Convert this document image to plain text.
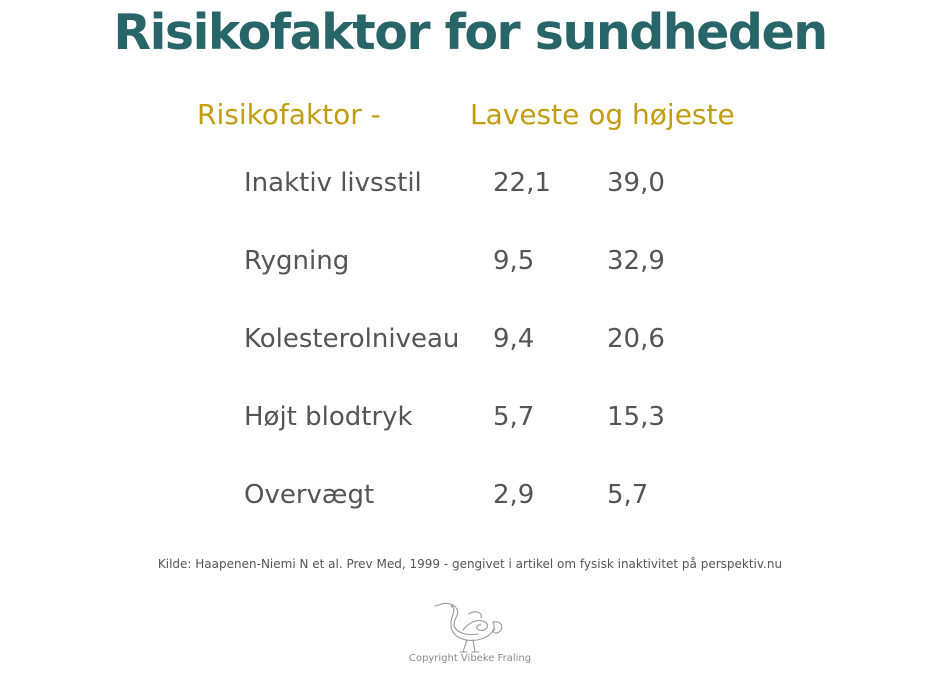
Risikofaktor for sundheden
Risikofaktor -	Laveste og højeste
Inaktiv livsstil	22,1 39,0
Rygning	9,5	32,9
Kolesterolniveau 9,4	20,6
Højt blodtryk	5,7	15,3
Overvægt	2,9	5,7
Kilde: Haapenen-Niemi N et al. Prev Med, 1999 - gengivet i artikel om fysisk inaktivitet på perspektiv.nu
Copyright Vibeke Fraling
